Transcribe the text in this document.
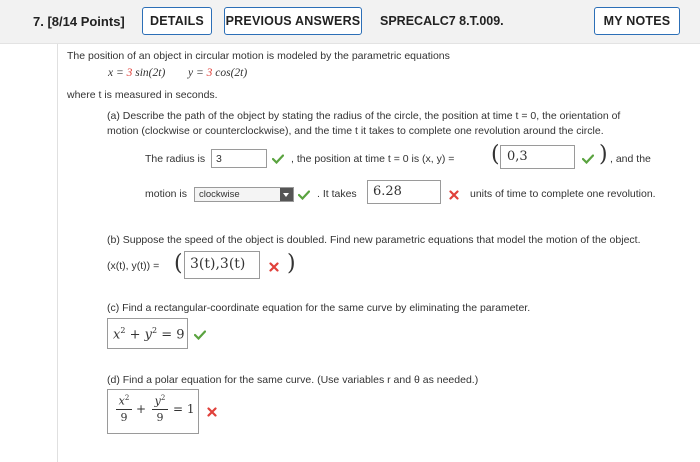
7. [8/14 Points]	DETAILS	PREVIOUS ANSWERS SPRECALC7 8.T.009.	MY NOTES
The position of an object in circular motion is modeled by the parametric equations
x = 3 sin(2t) y = 3 cos(2t)
where t is measured in seconds.
(a) Describe the path of the object by stating the radius of the circle, the position at time t = 0, the orientation of
motion (clockwise or counterclockwise), and the time t it takes to complete one revolution around the circle.
The radius is	3	, the position at time t = 0 is (x, y) = ( 0,3	) , and the
motion is	clockwise	. It takes	6.28	units of time to complete one revolution.
(b) Suppose the speed of the object is doubled. Find new parametric equations that model the motion of the object.
(x(t), y(t)) = ( 3(t),3(t)	)
(c) Find a rectangular-coordinate equation for the same curve by eliminating the parameter.
$x^2 + y^2 = 9$
(d) Find a polar equation for the same curve. (Use variables r and θ as needed.)
$x^2$
9
+
$y^2$
9
= 1
